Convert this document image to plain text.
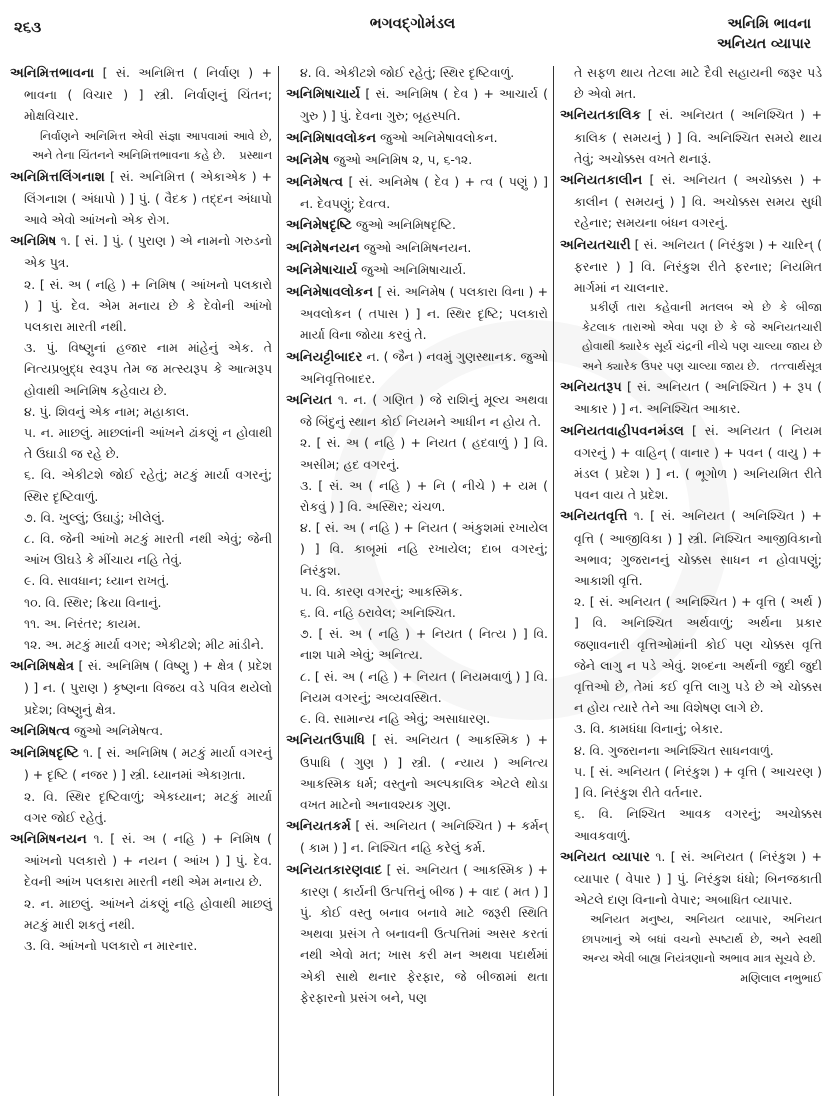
૨૬૩	ભગવદ્ગોમંડલ	અનિમિ ભાવના
અનિયત વ્યાપાર
અનિમિત્તભાવના [ સં. અનિમિત્ત ( નિર્વાણ ) + ભાવના ( વિચાર ) ] સ્ત્રી. નિર્વાણનું ચિંતન; મોક્ષવિચાર.
નિર્વાણને અનિમિત્ત એવી સંજ્ઞા આપવામાં આવે છે, અને તેના ચિંતનને અનિમિત્તભાવના કહે છે. પ્રસ્થાન
અનિમિત્તલિંગનાશ [ સં. અનિમિત્ત ( એકાએક ) + લિંગનાશ ( અંધાપો ) ] પું. ( વૈદક ) તદ્દન અંધાપો આવે એવો આંખનો એક રોગ.
અનિમિષ ૧. [ સં. ] પું. ( પુરાણ ) એ નામનો ગરુડનો એક પુત્ર.
૨. [ સં. અ ( નહિ ) + નિમિષ ( આંખનો પલકારો ) ] પું. દેવ. એમ મનાય છે કે દેવોની આંખો પલકારા મારતી નથી.
૩. પું. વિષ્ણુનાં હજાર નામ માંહેનું એક. તે નિત્યપ્રબુદ્ધ સ્વરૂપ તેમ જ મત્સ્યરૂપ કે આત્મરૂપ હોવાથી અનિમિષ કહેવાય છે.
૪. પું. શિવનું એક નામ; મહાકાલ.
૫. ન. માછલું. માછલાંની આંખને ઢાંકણું ન હોવાથી તે ઉઘાડી જ રહે છે.
૬. વિ. એકીટશે જોઈ રહેતું; મટકું માર્યા વગરનું; સ્થિર દૃષ્ટિવાળું.
૭. વિ. ખુલ્લું; ઉઘાડું; ખીલેલું.
૮. વિ. જેની આંખો મટકું મારતી નથી એવું; જેની આંખ ઊઘડે કે મીંચાય નહિ તેવું.
૯. વિ. સાવધાન; ધ્યાન રાખતું.
૧૦. વિ. સ્થિર; ક્રિયા વિનાનું.
૧૧. અ. નિરંતર; કાયમ.
૧૨. અ. મટકું માર્યા વગર; એકીટશે; મીટ માંડીને.
અનિમિષક્ષેત્ર [ સં. અનિમિષ ( વિષ્ણુ ) + ક્ષેત્ર ( પ્રદેશ ) ] ન. ( પુરાણ ) કૃષ્ણના વિજય વડે પવિત્ર થયેલો પ્રદેશ; વિષ્ણુનું ક્ષેત્ર.
અનિમિષત્વ જુઓ અનિમેષત્વ.
અનિમિષદૃષ્ટિ ૧. [ સં. અનિમિષ ( મટકું માર્યા વગરનું ) + દૃષ્ટિ ( નજર ) ] સ્ત્રી. ધ્યાનમાં એકાગ્રતા.
૨. વિ. સ્થિર દૃષ્ટિવાળું; એકધ્યાન; મટકું માર્યા વગર જોઈ રહેતું.
અનિમિષનયન ૧. [ સં. અ ( નહિ ) + નિમિષ ( આંખનો પલકારો ) + નયન ( આંખ ) ] પું. દેવ. દેવની આંખ પલકારા મારતી નથી એમ મનાય છે.
૨. ન. માછલું. આંખને ઢાંકણું નહિ હોવાથી માછલું મટકું મારી શકતું નથી.
૩. વિ. આંખનો પલકારો ન મારનાર.
૪. વિ. એકીટશે જોઈ રહેતું; સ્થિર દૃષ્ટિવાળું.
અનિમિષાચાર્ય [ સં. અનિમિષ ( દેવ ) + આચાર્ય ( ગુરુ ) ] પું. દેવના ગુરુ; બૃહસ્પતિ.
અનિમિષાવલોકન જુઓ અનિમેષાવલોકન.
અનિમેષ જુઓ અનિમિષ ૨, ૫, ૬-૧૨.
અનિમેષત્વ [ સં. અનિમેષ ( દેવ ) + ત્વ ( પણું ) ] ન. દેવપણું; દેવત્વ.
અનિમેષદૃષ્ટિ જુઓ અનિમિષદૃષ્ટિ.
અનિમેષનયન જુઓ અનિમિષનયન.
અનિમેષાચાર્ય જુઓ અનિમિષાચાર્ય.
અનિમેષાવલોકન [ સં. અનિમેષ ( પલકારા વિના ) + અવલોકન ( તપાસ ) ] ન. સ્થિર દૃષ્ટિ; પલકારો માર્યા વિના જોયા કરવું તે.
અનિયટ્ટીબાદર ન. ( જૈન ) નવમું ગુણસ્થાનક. જુઓ અનિવૃત્તિબાદર.
અનિયત ૧. ન. ( ગણિત ) જે રાશિનું મૂલ્ય અથવા જે બિંદુનું સ્થાન કોઈ નિયમને આધીન ન હોય તે.
૨. [ સં. અ ( નહિ ) + નિયત ( હદવાળું ) ] વિ. અસીમ; હદ વગરનું.
૩. [ સં. અ ( નહિ ) + નિ ( નીચે ) + યમ ( રોકવું ) ] વિ. અસ્થિર; ચંચળ.
૪. [ સં. અ ( નહિ ) + નિયત ( અંકુશમાં રખાયેલ ) ] વિ. કાબૂમાં નહિ રખાયેલ; દાબ વગરનું; નિરંકુશ.
૫. વિ. કારણ વગરનું; આકસ્મિક.
૬. વિ. નહિ ઠરાવેલ; અનિશ્ચિત.
૭. [ સં. અ ( નહિ ) + નિયત ( નિત્ય ) ] વિ. નાશ પામે એવું; અનિત્ય.
૮. [ સં. અ ( નહિ ) + નિયત ( નિયમવાળું ) ] વિ. નિયમ વગરનું; અવ્યવસ્થિત.
૯. વિ. સામાન્ય નહિ એવું; અસાધારણ.
અનિયતઉપાધિ [ સં. અનિયત ( આકસ્મિક ) + ઉપાધિ ( ગુણ ) ] સ્ત્રી. ( ન્યાય ) અનિત્ય આકસ્મિક ધર્મ; વસ્તુનો અલ્પકાલિક એટલે થોડા વખત માટેનો અનાવશ્યક ગુણ.
અનિયતકર્મ [ સં. અનિયત ( અનિશ્ચિત ) + કર્મન્ ( કામ ) ] ન. નિશ્ચિત નહિ કરેલું કર્મ.
અનિયતકારણવાદ [ સં. અનિયત ( આકસ્મિક ) + કારણ ( કાર્યની ઉત્પત્તિનું બીજ ) + વાદ ( મત ) ] પું. કોઈ વસ્તુ બનાવ બનાવે માટે જરૂરી સ્થિતિ અથવા પ્રસંગ તે બનાવની ઉત્પત્તિમાં અસર કરતાં નથી એવો મત; ખાસ કરી મન અથવા પદાર્થમાં એકી સાથે થનાર ફેરફાર, જે બીજામાં થતા ફેરફારનો પ્રસંગ બને, પણ
તે સફળ થાય તેટલા માટે દૈવી સહાયની જરૂર પડે છે એવો મત.
અનિયતકાલિક [ સં. અનિયત ( અનિશ્ચિત ) + કાલિક ( સમયનું ) ] વિ. અનિશ્ચિત સમયે થાય તેવું; અચોક્કસ વખતે થનારૂં.
અનિયતકાલીન [ સં. અનિયત ( અચોક્કસ ) + કાલીન ( સમયનું ) ] વિ. અચોક્કસ સમય સુધી રહેનાર; સમયના બંધન વગરનું.
અનિયતચારી [ સં. અનિયત ( નિરંકુશ ) + ચારિન્ ( ફરનાર ) ] વિ. નિરંકુશ રીતે ફરનાર; નિયમિત માર્ગમાં ન ચાલનાર.
પ્રકીર્ણ તારા કહેવાની મતલબ એ છે કે બીજા કેટલાક તારાઓ એવા પણ છે કે જે અનિયતચારી હોવાથી ક્યારેક સૂર્ય ચંદ્રની નીચે પણ ચાલ્યા જાય છે અને ક્યારેક ઉપર પણ ચાલ્યા જાય છે. તત્ત્વાર્થસૂત્ર
અનિયતરૂપ [ સં. અનિયત ( અનિશ્ચિત ) + રૂપ ( આકાર ) ] ન. અનિશ્ચિત આકાર.
અનિયતવાહીપવનમંડલ [ સં. અનિયત ( નિયમ વગરનું ) + વાહિન્ ( વાનાર ) + પવન ( વાયુ ) + મંડલ ( પ્રદેશ ) ] ન. ( ભૂગોળ ) અનિયમિત રીતે પવન વાય તે પ્રદેશ.
અનિયતવૃત્તિ ૧. [ સં. અનિયત ( અનિશ્ચિત ) + વૃત્તિ ( આજીવિકા ) ] સ્ત્રી. નિશ્ચિત આજીવિકાનો અભાવ; ગુજરાનનું ચોક્કસ સાધન ન હોવાપણું; આકાશી વૃત્તિ.
૨. [ સં. અનિયત ( અનિશ્ચિત ) + વૃત્તિ ( અર્થ ) ] વિ. અનિશ્ચિત અર્થવાળું; અર્થના પ્રકાર જણાવનારી વૃત્તિઓમાંની કોઈ પણ ચોક્કસ વૃત્તિ જેને લાગુ ન પડે એવું. શબ્દના અર્થની જુદી જુદી વૃત્તિઓ છે, તેમાં કઈ વૃત્તિ લાગુ પડે છે એ ચોક્કસ ન હોય ત્યારે તેને આ વિશેષણ લાગે છે.
૩. વિ. કામધંધા વિનાનું; બેકાર.
૪. વિ. ગુજરાનના અનિશ્ચિત સાધનવાળું.
૫. [ સં. અનિયત ( નિરંકુશ ) + વૃત્તિ ( આચરણ ) ] વિ. નિરંકુશ રીતે વર્તનાર.
૬. વિ. નિશ્ચિત આવક વગરનું; અચોક્કસ આવકવાળું.
અનિયત વ્યાપાર ૧. [ સં. અનિયત ( નિરંકુશ ) + વ્યાપાર ( વેપાર ) ] પું. નિરંકુશ ધંધો; બિનજકાતી એટલે દાણ વિનાનો વેપાર; અબાધિત વ્યાપાર.
અનિયત મનુષ્ય, અનિયત વ્યાપાર, અનિયત છાપખાનું એ બધાં વચનો સ્પષ્ટાર્થ છે, અને સ્વથી અન્ય એવી બાહ્ય નિયંત્રણાનો અભાવ માત્ર સૂચવે છે.
મણિલાલ નભુભાઈ
